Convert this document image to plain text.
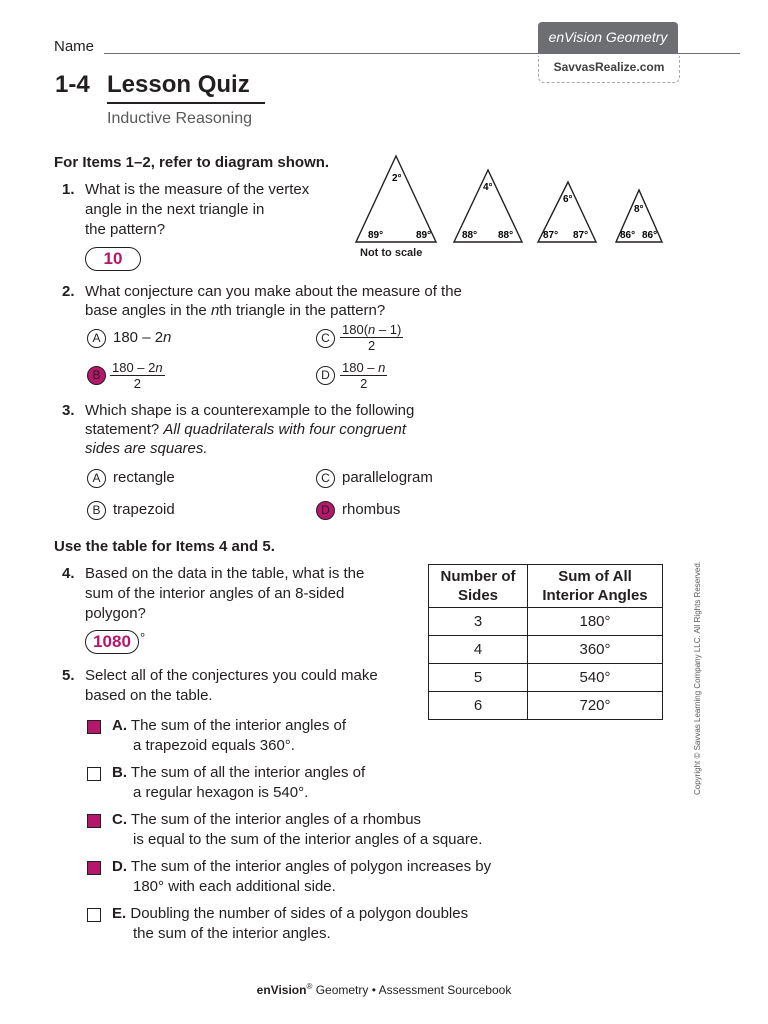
Name
enVision Geometry
SavvasRealize.com
1-4 Lesson Quiz
Inductive Reasoning
For Items 1–2, refer to diagram shown.
1. What is the measure of the vertex
angle in the next triangle in
the pattern?
10
2°
89°	89°
4°
88° 88°
6°
87° 87°
8°
86° 86°
Not to scale
2. What conjecture can you make about the measure of the
base angles in the nth triangle in the pattern?
A 180 – 2n	C $\frac{180(n - 1)}{2}$
B $\frac{180 - 2n}{2}$	D $\frac{180 - n}{2}$
3. Which shape is a counterexample to the following
statement? All quadrilaterals with four congruent
sides are squares.
A rectangle	C parallelogram
B trapezoid	D rhombus
Use the table for Items 4 and 5.
Number of
Sides	Sum of All
Interior Angles
3	180°
4	360°
5	540°
6	720°
4. Based on the data in the table, what is the
sum of the interior angles of an 8-sided
polygon?
1080 °
5. Select all of the conjectures you could make
based on the table.
A. The sum of the interior angles of
a trapezoid equals 360°.
B. The sum of all the interior angles of
a regular hexagon is 540°.
C. The sum of the interior angles of a rhombus
is equal to the sum of the interior angles of a square.
D. The sum of the interior angles of polygon increases by
180° with each additional side.
E. Doubling the number of sides of a polygon doubles
the sum of the interior angles.
Copyright © Savvas Learning Company LLC. All Rights Reserved.
enVision® Geometry • Assessment Sourcebook
